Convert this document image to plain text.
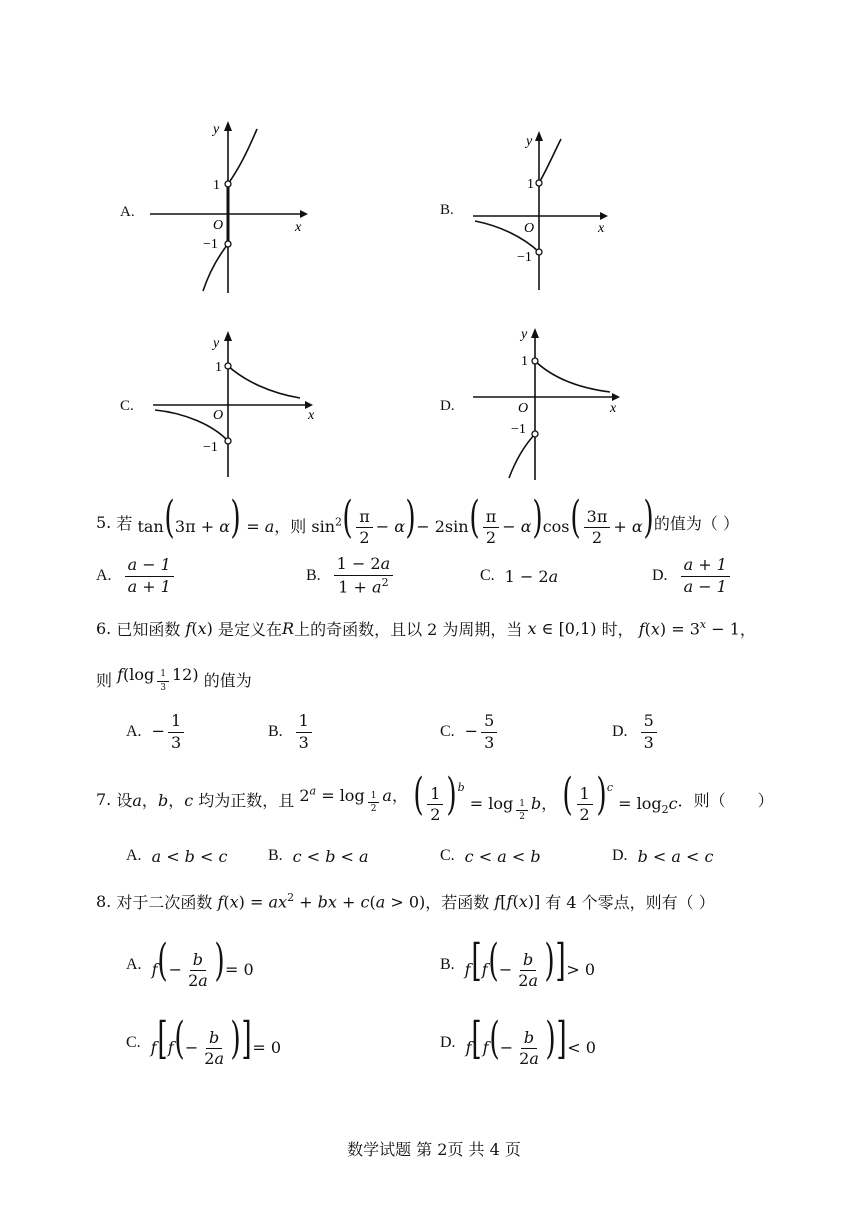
A.
y
x
O
1
−1
B.
y
x
O
1
−1
C.
y
x
O
1
−1
D.
y
x
O
1
−1
5.
若 tan(3π + α) = a，则 $\sin^2( \frac{\pi}{2} - \alpha)- 2\sin( \frac{\pi}{2} - \alpha)\cos( \frac{3\pi}{2} + \alpha)$ 的值为（ ）
A. $\frac{a - 1}{a + 1}$	B. $\frac{1 - 2a}{1 + a^2}$	C. 1 − 2a	D. $\frac{a + 1}{a - 1}$
6.
已知函数 f ( x ) 是定义在 R 上的奇函数，且以 2 为周期，当 x ∈ [0,1) 时， $f(x) = 3^x - 1$ ，
则 f(log $_{\frac{1}{3}}$ 12) 的值为
A. − $\frac{1}{3}$	B. $\frac{1}{3}$	C. − $\frac{5}{3}$	D. $\frac{5}{3}$
7.
设 a，b，c 均为正数，且 $2^a = \log _{\frac{1}{2}}$ a， ( $\frac{1}{2} )^b = \log _{\frac{1}{2}}$ b， ( $\frac{1}{2} )^c = \log_2c$ ．则（　　）
A. a < b < c	B. c < b < a	C. c < a < b	D. b < a < c
8.
对于二次函数 $f(x) = ax^2$ + bx + c(a > 0) ，若函数 f[f(x)] 有 4 个零点，则有（ ）
A. $f(- \frac{b}{2a}$ )= 0	B. $f[f(- \frac{b}{2a}$ )]> 0
C. $f[f(- \frac{b}{2a}$ )]= 0	D. $f[f(- \frac{b}{2a}$ )]< 0
数学试题 第 2页 共 4 页
